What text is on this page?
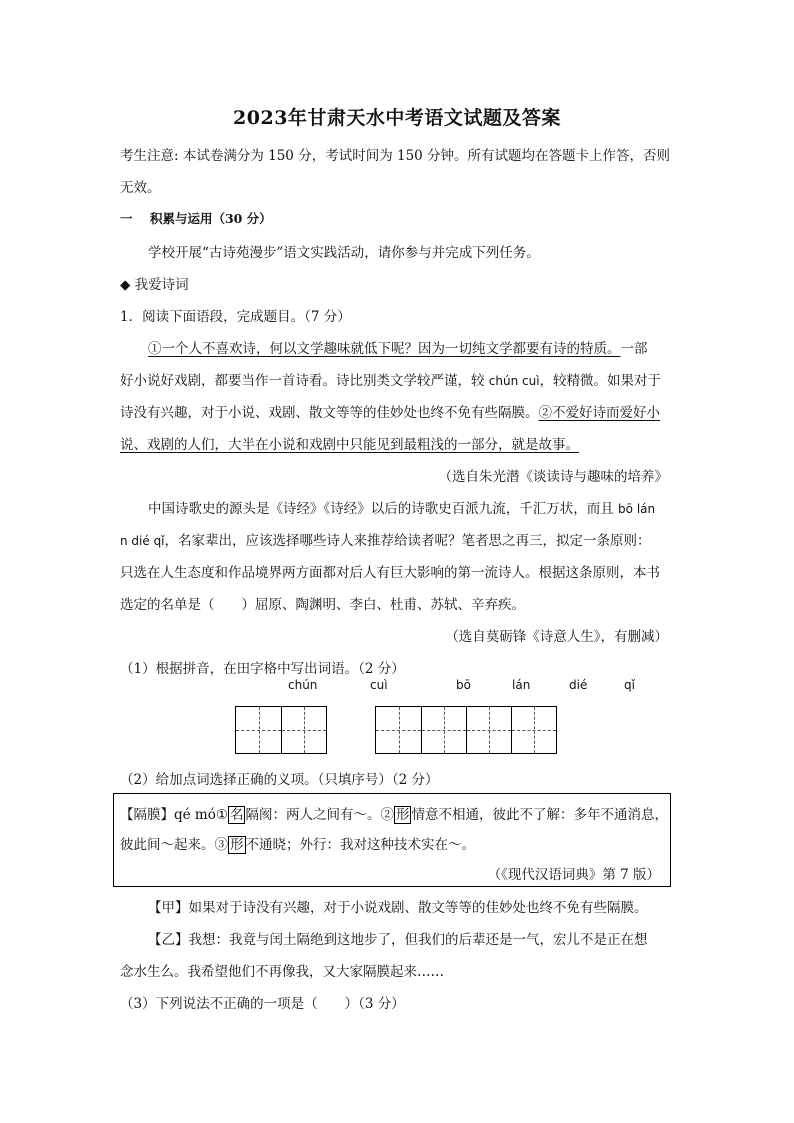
2023年甘肃天水中考语文试题及答案
考生注意: 本试卷满分为 150 分，考试时间为 150 分钟。所有试题均在答题卡上作答，否则
无效。
一 积累与运用（30 分）
学校开展“古诗苑漫步”语文实践活动，请你参与并完成下列任务。
◆ 我爱诗词
1．阅读下面语段，完成题目。（7 分）
①一个人不喜欢诗，何以文学趣味就低下呢？因为一切纯文学都要有诗的特质。一部
好小说好戏剧，都要当作一首诗看。诗比别类文学较严谨，较 chún cuì，较精微。如果对于
诗没有兴趣，对于小说、戏剧、散文等等的佳妙处也终不免有些隔膜。②不爱好诗而爱好小
说、戏剧的人们，大半在小说和戏剧中只能见到最粗浅的一部分，就是故事。
（选自朱光潜《谈读诗与趣味的培养》
中国诗歌史的源头是《诗经》《诗经》以后的诗歌史百派九流，千汇万状，而且 bō lán
n dié qǐ，名家辈出，应该选择哪些诗人来推荐给读者呢？笔者思之再三，拟定一条原则：
只选在人生态度和作品境界两方面都对后人有巨大影响的第一流诗人。根据这条原则，本书
选定的名单是（　　）屈原、陶渊明、李白、杜甫、苏轼、辛弃疾。
（选自莫砺锋《诗意人生》，有删减）
（1）根据拼音，在田字格中写出词语。（2 分）
chún	cuì	bō	lán	dié	qǐ
（2）给加点词选择正确的义项。（只填序号）（2 分）
【隔膜】qé mó① 名 隔阂：两人之间有～。② 形 情意不相通，彼此不了解：多年不通消息，
彼此间～起来。③ 形 不通晓；外行：我对这种技术实在～。
（《现代汉语词典》第 7 版）
【甲】如果对于诗没有兴趣，对于小说戏剧、散文等等的佳妙处也终不免有些隔膜。
【乙】我想：我竟与闰土隔绝到这地步了，但我们的后辈还是一气，宏儿不是正在想
念水生么。我希望他们不再像我，又大家隔膜起来……
（3）下列说法不正确的一项是（　　）（3 分）
